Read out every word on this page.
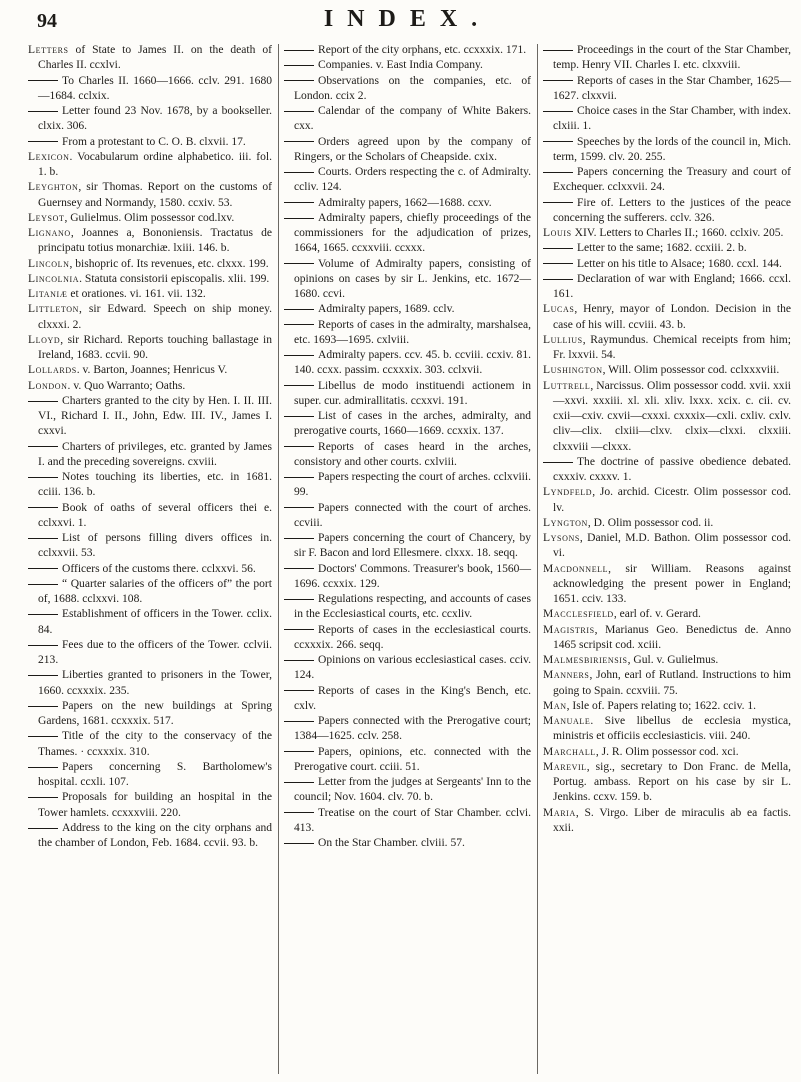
94	INDEX.

Letters of State to James II. on the death of Charles II. ccxlvi.

To Charles II. 1660—1666. cclv. 291. 1680—1684. cclxix.

Letter found 23 Nov. 1678, by a bookseller. clxix. 306.

From a protestant to C. O. B. clxvii. 17.

Lexicon. Vocabularum ordine alphabetico. iii. fol. 1. b.

Leyghton, sir Thomas. Report on the customs of Guernsey and Normandy, 1580. ccxiv. 53.

Leysot, Gulielmus. Olim possessor cod.lxv.

Lignano, Joannes a, Bononiensis. Tractatus de principatu totius monarchiæ. lxiii. 146. b.

Lincoln, bishopric of. Its revenues, etc. clxxx. 199.

Lincolnia. Statuta consistorii episcopalis. xlii. 199.

Litaniæ et orationes. vi. 161. vii. 132.

Littleton, sir Edward. Speech on ship money. clxxxi. 2.

Lloyd, sir Richard. Reports touching ballastage in Ireland, 1683. ccvii. 90.

Lollards. v. Barton, Joannes; Henricus V.

London. v. Quo Warranto; Oaths.

Charters granted to the city by Hen. I. II. III. VI., Richard I. II., John, Edw. III. IV., James I. cxxvi.

Charters of privileges, etc. granted by James I. and the preceding sovereigns. cxviii.

Notes touching its liberties, etc. in 1681. cciii. 136. b.

Book of oaths of several officers thei e. cclxxvi. 1.

List of persons filling divers offices in. cclxxvii. 53.

Officers of the customs there. cclxxvi. 56.

“ Quarter salaries of the officers of” the port of, 1688. cclxxvi. 108.

Establishment of officers in the Tower. cclix. 84.

Fees due to the officers of the Tower. cclvii. 213.

Liberties granted to prisoners in the Tower, 1660. ccxxxix. 235.

Papers on the new buildings at Spring Gardens, 1681. ccxxxix. 517.

Title of the city to the conservacy of the Thames. · ccxxxix. 310.

Papers concerning S. Bartholomew's hospital. ccxli. 107.

Proposals for building an hospital in the Tower hamlets. ccxxxviii. 220.

Address to the king on the city orphans and the chamber of London, Feb. 1684. ccvii. 93. b.

Report of the city orphans, etc. ccxxxix. 171.

Companies. v. East India Company.

Observations on the companies, etc. of London. ccix 2.

Calendar of the company of White Bakers. cxx.

Orders agreed upon by the company of Ringers, or the Scholars of Cheapside. cxix.

Courts. Orders respecting the c. of Admiralty. ccliv. 124.

Admiralty papers, 1662—1688. ccxv.

Admiralty papers, chiefly proceedings of the commissioners for the adjudication of prizes, 1664, 1665. ccxxviii. ccxxx.

Volume of Admiralty papers, consisting of opinions on cases by sir L. Jenkins, etc. 1672—1680. ccvi.

Admiralty papers, 1689. cclv.

Reports of cases in the admiralty, marshalsea, etc. 1693—1695. cxlviii.

Admiralty papers. ccv. 45. b. ccviii. ccxiv. 81. 140. ccxx. passim. ccxxxix. 303. cclxvii.

Libellus de modo instituendi actionem in super. cur. admirallitatis. ccxxvi. 191.

List of cases in the arches, admiralty, and prerogative courts, 1660—1669. ccxxix. 137.

Reports of cases heard in the arches, consistory and other courts. cxlviii.

Papers respecting the court of arches. cclxviii. 99.

Papers connected with the court of arches. ccviii.

Papers concerning the court of Chancery, by sir F. Bacon and lord Ellesmere. clxxx. 18. seqq.

Doctors' Commons. Treasurer's book, 1560—1696. ccxxix. 129.

Regulations respecting, and accounts of cases in the Ecclesiastical courts, etc. ccxliv.

Reports of cases in the ecclesiastical courts. ccxxxix. 266. seqq.

Opinions on various ecclesiastical cases. cciv. 124.

Reports of cases in the King's Bench, etc. cxlv.

Papers connected with the Prerogative court; 1384—1625. cclv. 258.

Papers, opinions, etc. connected with the Prerogative court. cciii. 51.

Letter from the judges at Sergeants' Inn to the council; Nov. 1604. clv. 70. b.

Treatise on the court of Star Chamber. cclvi. 413.

On the Star Chamber. clviii. 57.

Proceedings in the court of the Star Chamber, temp. Henry VII. Charles I. etc. clxxviii.

Reports of cases in the Star Chamber, 1625—1627. clxxvii.

Choice cases in the Star Chamber, with index. clxiii. 1.

Speeches by the lords of the council in, Mich. term, 1599. clv. 20. 255.

Papers concerning the Treasury and court of Exchequer. cclxxvii. 24.

Fire of. Letters to the justices of the peace concerning the sufferers. cclv. 326.

Louis XIV. Letters to Charles II.; 1660. cclxiv. 205.

Letter to the same; 1682. ccxiii. 2. b.

Letter on his title to Alsace; 1680. ccxl. 144.

Declaration of war with England; 1666. ccxl. 161.

Lucas, Henry, mayor of London. Decision in the case of his will. ccviii. 43. b.

Lullius, Raymundus. Chemical receipts from him; Fr. lxxvii. 54.

Lushington, Will. Olim possessor cod. cclxxxviii.

Luttrell, Narcissus. Olim possessor codd. xvii. xxii—xxvi. xxxiii. xl. xli. xliv. lxxx. xcix. c. cii. cv. cxii—cxiv. cxvii—cxxxi. cxxxix—cxli. cxliv. cxlv. cliv—clix. clxiii—clxv. clxix—clxxi. clxxiii. clxxviii —clxxx.

The doctrine of passive obedience debated. cxxxiv. cxxxv. 1.

Lyndfeld, Jo. archid. Cicestr. Olim possessor cod. lv.

Lyngton, D. Olim possessor cod. ii.

Lysons, Daniel, M.D. Bathon. Olim possessor cod. vi.

Macdonnell, sir William. Reasons against acknowledging the present power in England; 1651. cciv. 133.

Macclesfield, earl of. v. Gerard.

Magistris, Marianus Geo. Benedictus de. Anno 1465 scripsit cod. xciii.

Malmesbiriensis, Gul. v. Gulielmus.

Manners, John, earl of Rutland. Instructions to him going to Spain. ccxviii. 75.

Man, Isle of. Papers relating to; 1622. cciv. 1.

Manuale. Sive libellus de ecclesia mystica, ministris et officiis ecclesiasticis. viii. 240.

Marchall, J. R. Olim possessor cod. xci.

Marevil, sig., secretary to Don Franc. de Mella, Portug. ambass. Report on his case by sir L. Jenkins. ccxv. 159. b.

Maria, S. Virgo. Liber de miraculis ab ea factis. xxii.
